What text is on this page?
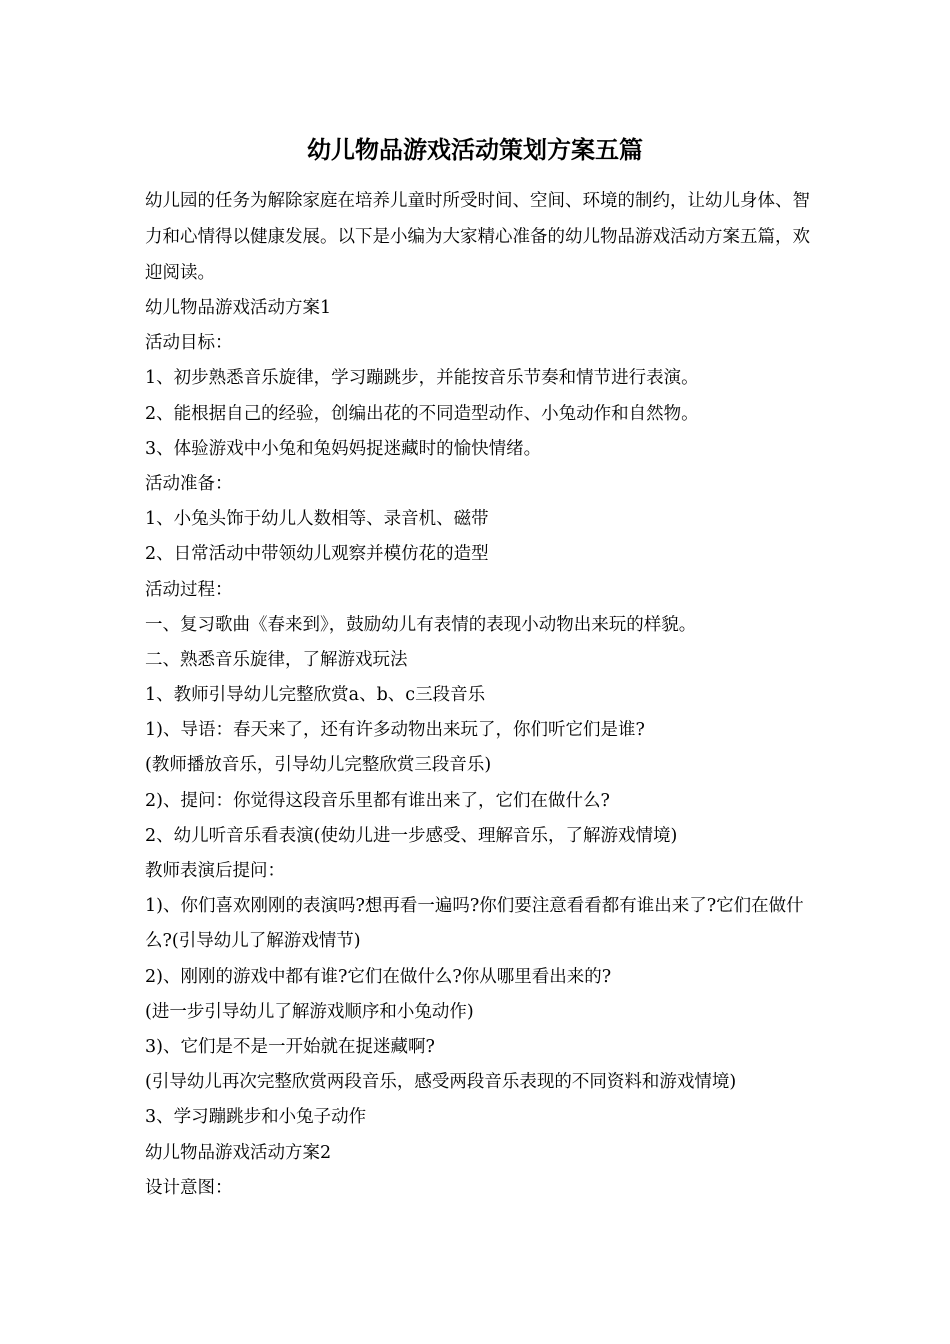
幼儿物品游戏活动策划方案五篇

幼儿园的任务为解除家庭在培养儿童时所受时间、空间、环境的制约，让幼儿身体、智力和心情得以健康发展。以下是小编为大家精心准备的幼儿物品游戏活动方案五篇，欢迎阅读。

幼儿物品游戏活动方案1

活动目标：

1、初步熟悉音乐旋律，学习蹦跳步，并能按音乐节奏和情节进行表演。

2、能根据自己的经验，创编出花的不同造型动作、小兔动作和自然物。

3、体验游戏中小兔和兔妈妈捉迷藏时的愉快情绪。

活动准备：

1、小兔头饰于幼儿人数相等、录音机、磁带

2、日常活动中带领幼儿观察并模仿花的造型

活动过程：

一、复习歌曲《春来到》，鼓励幼儿有表情的表现小动物出来玩的样貌。

二、熟悉音乐旋律，了解游戏玩法

1、教师引导幼儿完整欣赏a、b、c三段音乐

1)、导语：春天来了，还有许多动物出来玩了，你们听它们是谁?

(教师播放音乐，引导幼儿完整欣赏三段音乐)

2)、提问：你觉得这段音乐里都有谁出来了，它们在做什么?

2、幼儿听音乐看表演(使幼儿进一步感受、理解音乐，了解游戏情境)

教师表演后提问：

1)、你们喜欢刚刚的表演吗?想再看一遍吗?你们要注意看看都有谁出来了?它们在做什么?(引导幼儿了解游戏情节)

2)、刚刚的游戏中都有谁?它们在做什么?你从哪里看出来的?

(进一步引导幼儿了解游戏顺序和小兔动作)

3)、它们是不是一开始就在捉迷藏啊?

(引导幼儿再次完整欣赏两段音乐，感受两段音乐表现的不同资料和游戏情境)

3、学习蹦跳步和小兔子动作

幼儿物品游戏活动方案2

设计意图：
